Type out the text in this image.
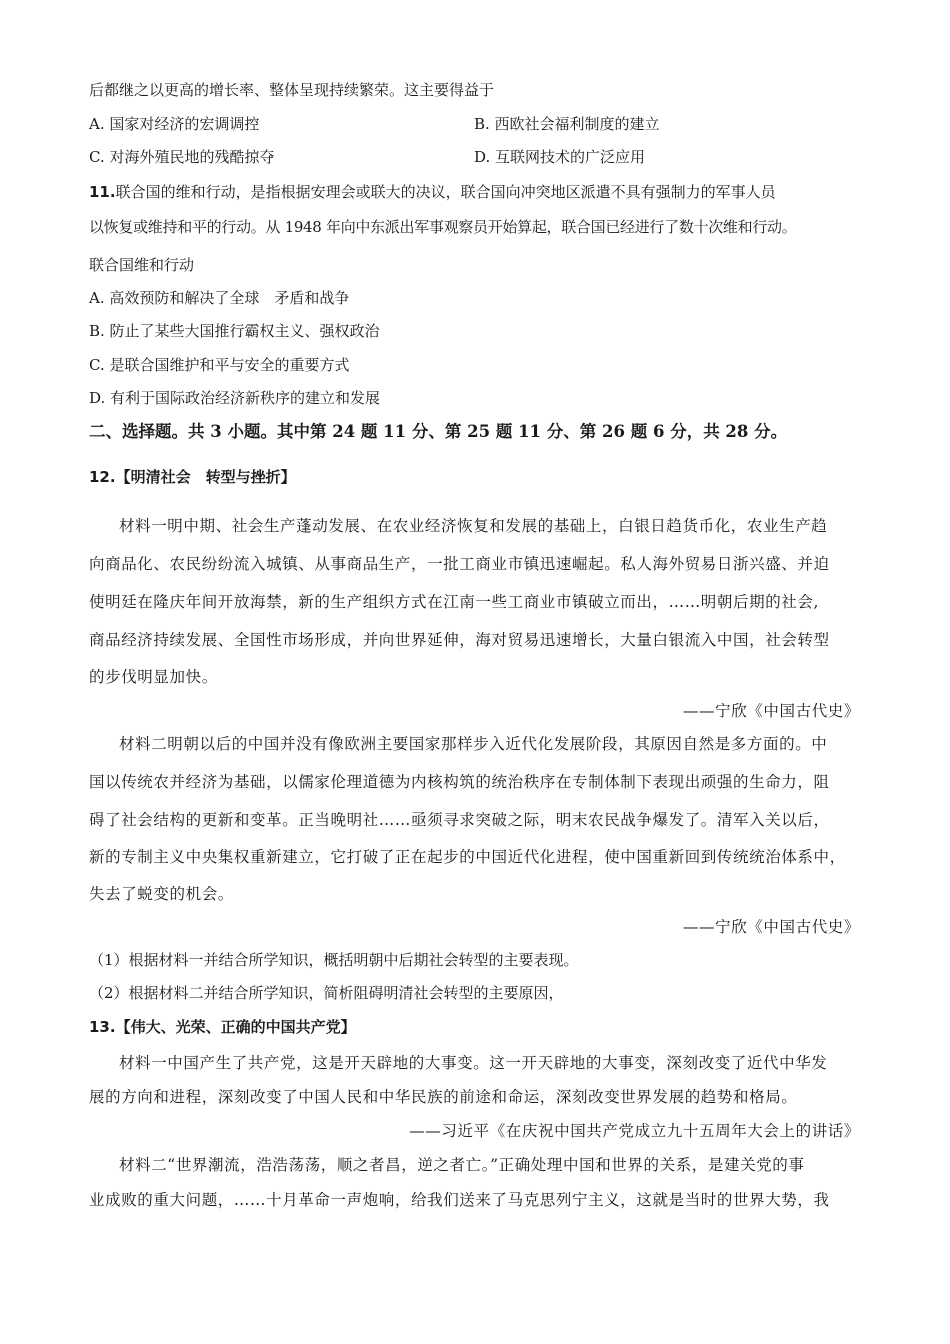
后都继之以更高的增长率、整体呈现持续繁荣。这主要得益于
A. 国家对经济的宏调调控	B. 西欧社会福利制度的建立
C. 对海外殖民地的残酷掠夺	D. 互联网技术的广泛应用
11.联合国的维和行动，是指根据安理会或联大的决议，联合国向冲突地区派遣不具有强制力的军事人员
以恢复或维持和平的行动。从 1948 年向中东派出军事观察员开始算起，联合国已经进行了数十次维和行动。
联合国维和行动
A. 高效预防和解决了全球　矛盾和战争
B. 防止了某些大国推行霸权主义、强权政治
C. 是联合国维护和平与安全的重要方式
D. 有利于国际政治经济新秩序的建立和发展
二、选择题。共 3 小题。其中第 24 题 11 分、第 25 题 11 分、第 26 题 6 分，共 28 分。
12.【明清社会　转型与挫折】
材料一明中期、社会生产蓬动发展、在农业经济恢复和发展的基础上，白银日趋货币化，农业生产趋
向商品化、农民纷纷流入城镇、从事商品生产，一批工商业市镇迅速崛起。私人海外贸易日浙兴盛、并迫
使明廷在隆庆年间开放海禁，新的生产组织方式在江南一些工商业市镇破立而出，……明朝后期的社会,
商品经济持续发展、全国性市场形成，并向世界延伸，海对贸易迅速增长，大量白银流入中国，社会转型
的步伐明显加快。
——宁欣《中国古代史》
材料二明朝以后的中国并没有像欧洲主要国家那样步入近代化发展阶段，其原因自然是多方面的。中
国以传统农并经济为基础，以儒家伦理道德为内核构筑的统治秩序在专制体制下表现出顽强的生命力，阻
碍了社会结构的更新和变革。正当晚明社……亟须寻求突破之际，明末农民战争爆发了。清军入关以后，
新的专制主义中央集权重新建立，它打破了正在起步的中国近代化进程，使中国重新回到传统统治体系中，
失去了蜕变的机会。
——宁欣《中国古代史》
（1）根据材料一并结合所学知识，概括明朝中后期社会转型的主要表现。
（2）根据材料二并结合所学知识，简析阻碍明清社会转型的主要原因，
13.【伟大、光荣、正确的中国共产党】
材料一中国产生了共产党，这是开天辟地的大事变。这一开天辟地的大事变，深刻改变了近代中华发
展的方向和进程，深刻改变了中国人民和中华民族的前途和命运，深刻改变世界发展的趋势和格局。
——习近平《在庆祝中国共产党成立九十五周年大会上的讲话》
材料二“世界潮流，浩浩荡荡，顺之者昌，逆之者亡。”正确处理中国和世界的关系，是建关党的事
业成败的重大问题，……十月革命一声炮响，给我们送来了马克思列宁主义，这就是当时的世界大势，我
